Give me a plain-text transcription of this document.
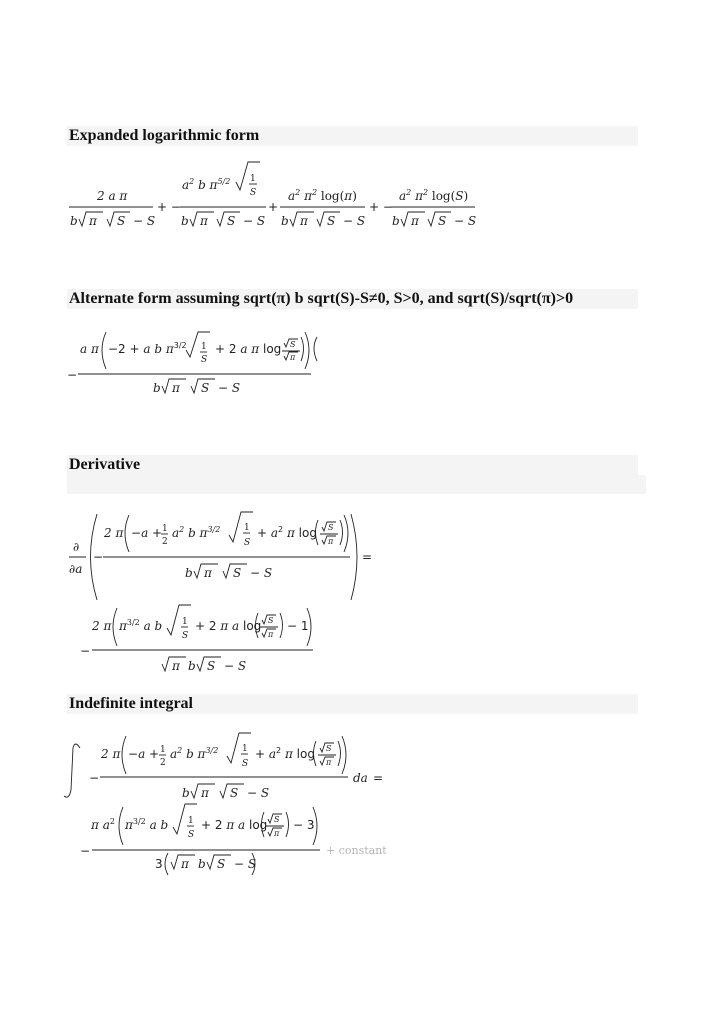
Expanded logarithmic form
Alternate form assuming sqrt(π) b sqrt(S)-S≠0, S>0, and sqrt(S)/sqrt(π)>0
Derivative
Indefinite integral
2 a π
b π S − S
+ −
$a^2$ b $\pi^{5/2}$ 1
S
b π S − S
+
$a^2$ $\pi^2$ log(π)
b π S − S
+ −
$a^2$ $\pi^2$ log(S)
b π S − S
−
a π −2 + a b $\pi^{3/2}$ 1
S
+ 2 a π log S
π
b π S − S
∂
∂a
−
2 π −a + 1
2
$a^2$ b $\pi^{3/2}$	1
S
+ $a^2$ π log S
π
b π S − S
=
−
2 π $\pi^{3/2}$ a b 1
S
+ 2 π a log S
π
− 1
π b S − S
−
2 π −a + 1
2
$a^2$ b $\pi^{3/2}$	1
S
+ $a^2$ π log S
π
b π S − S
da =
−
π $a^2$ $\pi^{3/2}$ a b 1
S
+ 2 π a log S
π
− 3
3 π b S − S
+ constant
